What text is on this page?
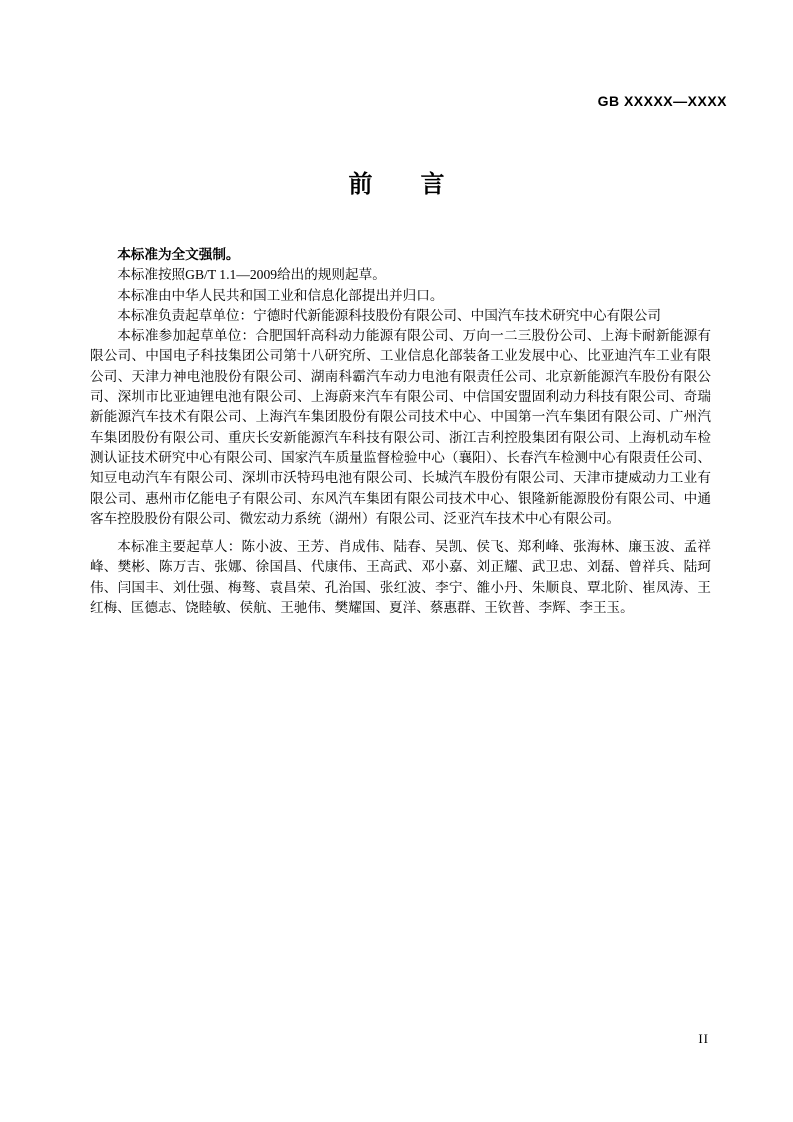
GB XXXXX—XXXX
前　　言

本标准为全文强制。

本标准按照GB/T 1.1—2009给出的规则起草。

本标准由中华人民共和国工业和信息化部提出并归口。

本标准负责起草单位：宁德时代新能源科技股份有限公司、中国汽车技术研究中心有限公司

本标准参加起草单位：合肥国轩高科动力能源有限公司、万向一二三股份公司、上海卡耐新能源有限公司、中国电子科技集团公司第十八研究所、工业信息化部装备工业发展中心、比亚迪汽车工业有限公司、天津力神电池股份有限公司、湖南科霸汽车动力电池有限责任公司、北京新能源汽车股份有限公司、深圳市比亚迪锂电池有限公司、上海蔚来汽车有限公司、中信国安盟固利动力科技有限公司、奇瑞新能源汽车技术有限公司、上海汽车集团股份有限公司技术中心、中国第一汽车集团有限公司、广州汽车集团股份有限公司、重庆长安新能源汽车科技有限公司、浙江吉利控股集团有限公司、上海机动车检测认证技术研究中心有限公司、国家汽车质量监督检验中心（襄阳）、长春汽车检测中心有限责任公司、知豆电动汽车有限公司、深圳市沃特玛电池有限公司、长城汽车股份有限公司、天津市捷威动力工业有限公司、惠州市亿能电子有限公司、东风汽车集团有限公司技术中心、银隆新能源股份有限公司、中通客车控股股份有限公司、微宏动力系统（湖州）有限公司、泛亚汽车技术中心有限公司。

本标准主要起草人：陈小波、王芳、肖成伟、陆春、吴凯、侯飞、郑利峰、张海林、廉玉波、孟祥峰、樊彬、陈万吉、张娜、徐国昌、代康伟、王高武、邓小嘉、刘正耀、武卫忠、刘磊、曾祥兵、陆珂伟、闫国丰、刘仕强、梅骜、袁昌荣、孔治国、张红波、李宁、雒小丹、朱顺良、覃北阶、崔凤涛、王红梅、匡德志、饶睦敏、侯航、王驰伟、樊耀国、夏洋、蔡惠群、王钦普、李辉、李王玉。

II
